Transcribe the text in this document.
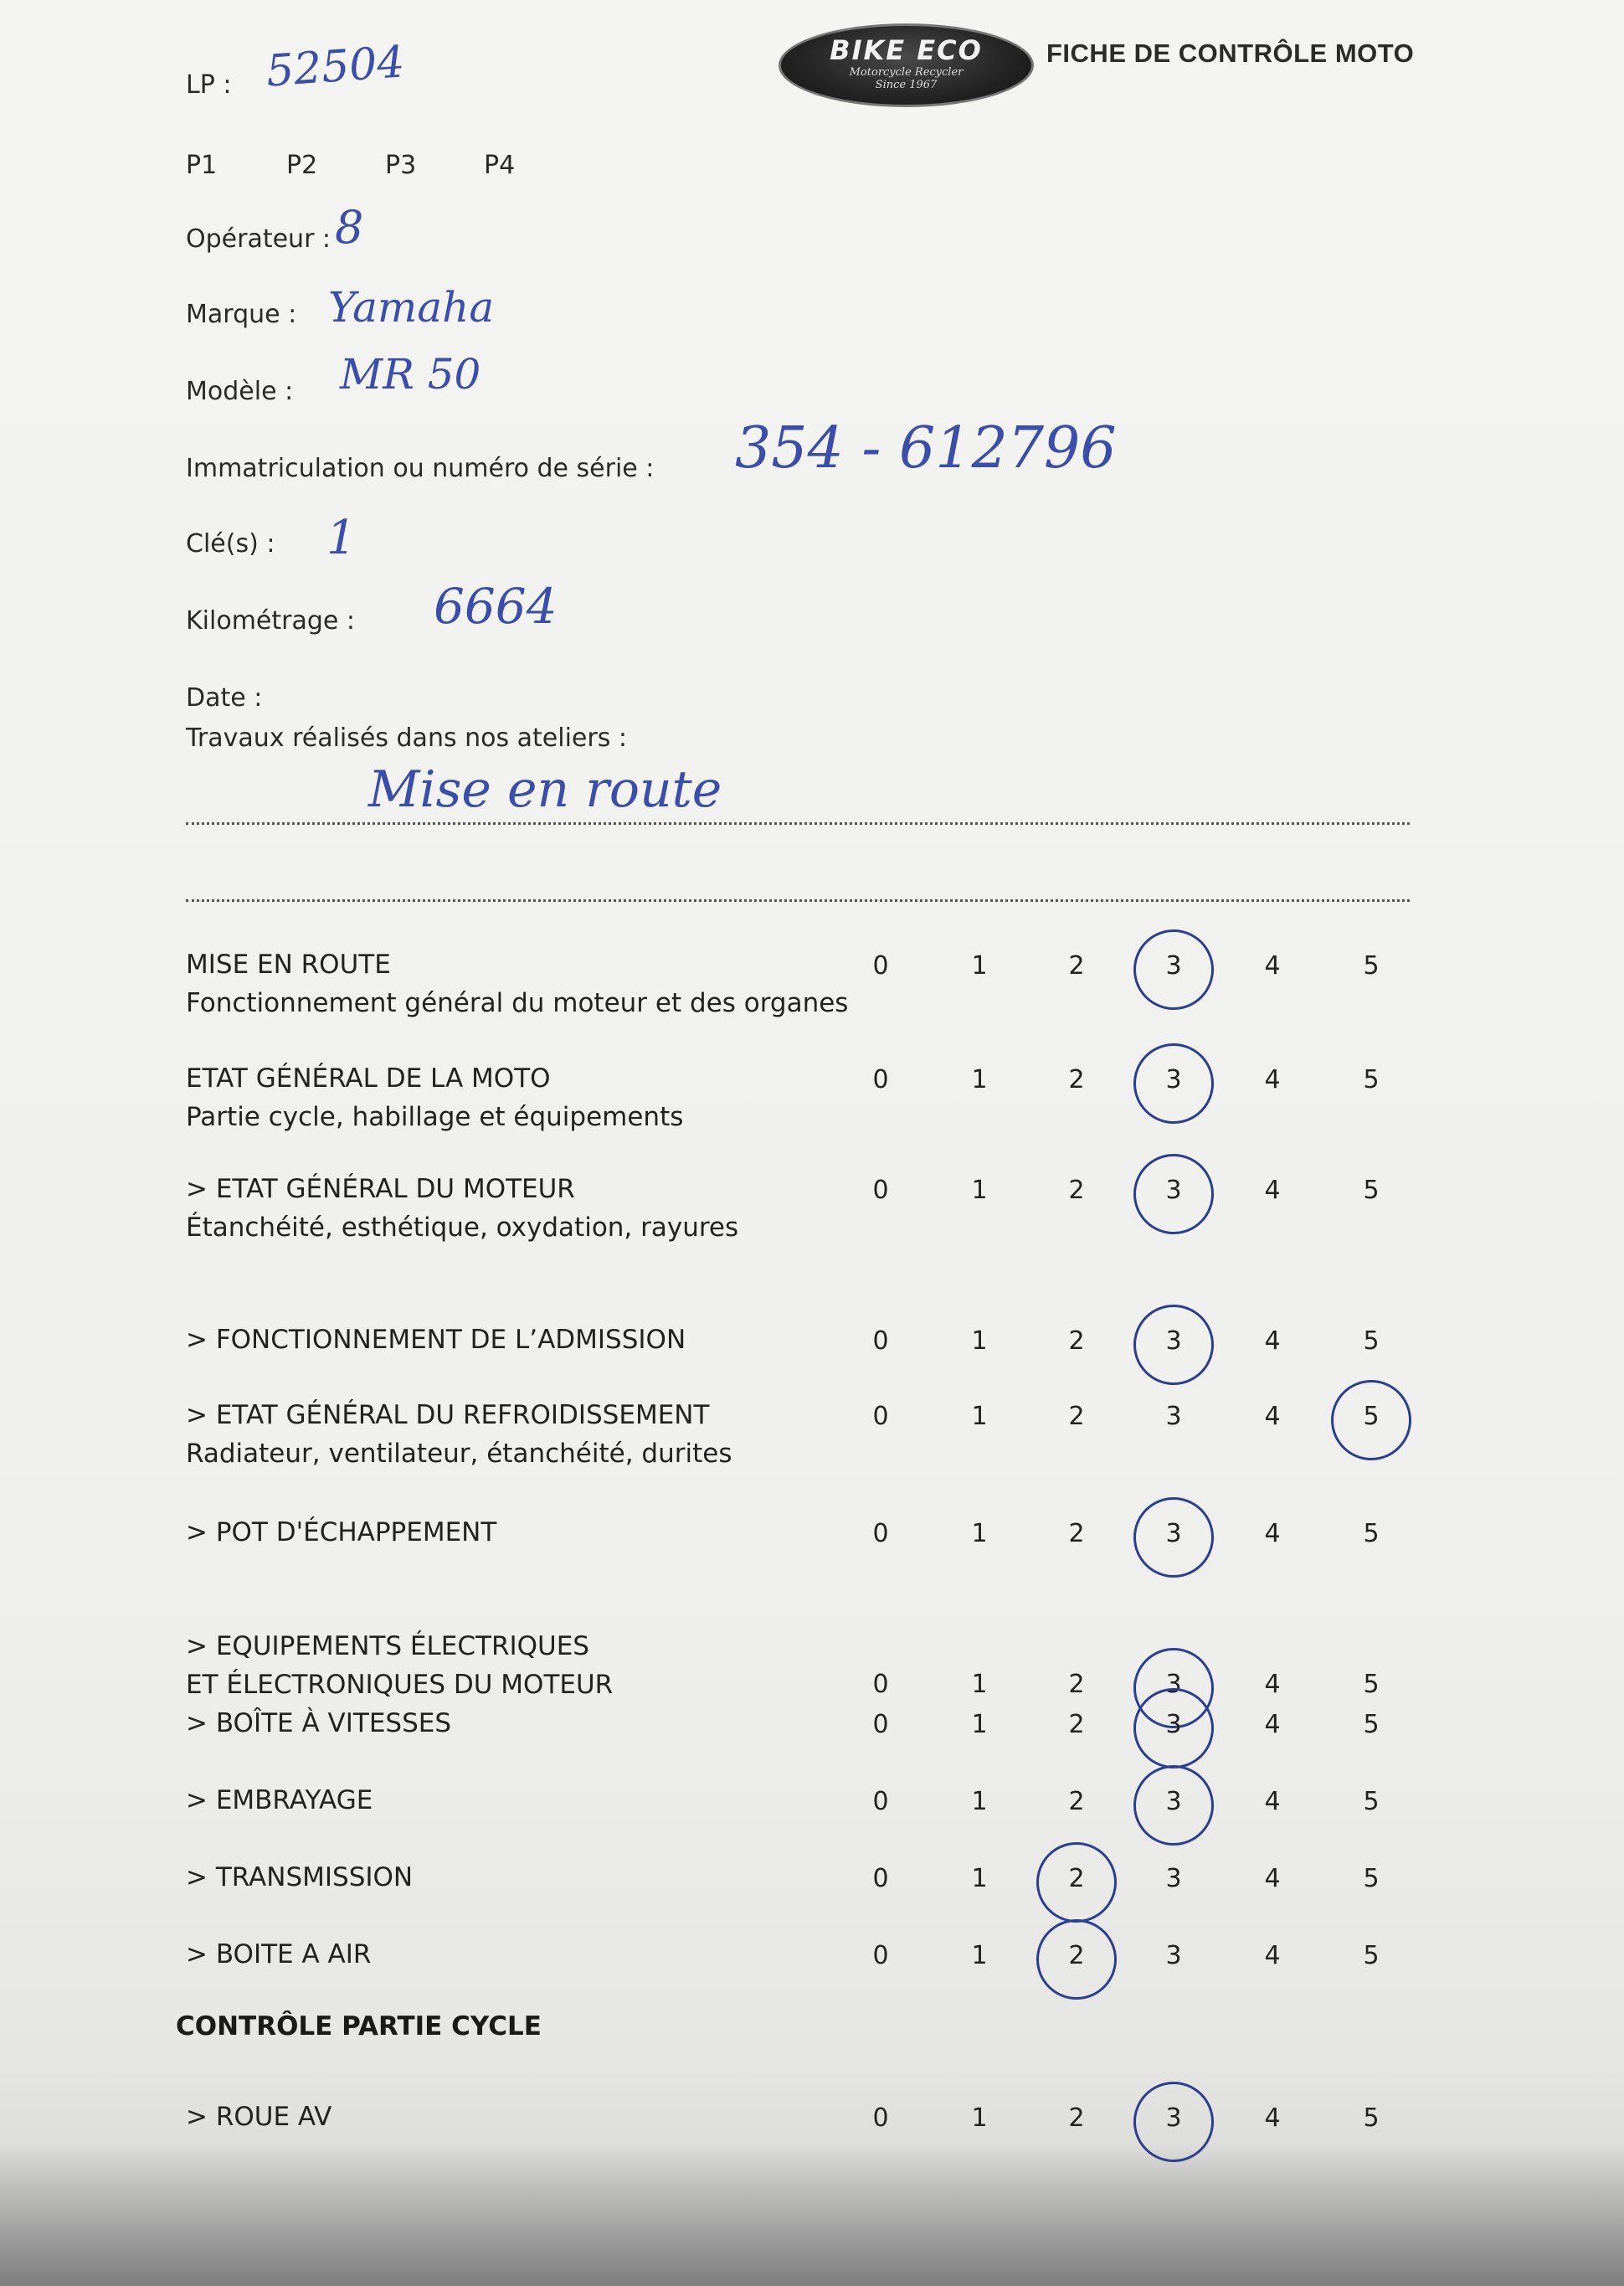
BIKE ECO
Motorcycle Recycler
Since 1967
FICHE DE CONTRÔLE MOTO
LP : 52504
P1	P2	P3	P4
Opérateur : 8
Marque : Yamaha
Modèle : MR 50
Immatriculation ou numéro de série : 354 - 612796
Clé(s) : 1
Kilométrage : 6664
Date :
Travaux réalisés dans nos ateliers :
Mise en route
MISE EN ROUTE
Fonctionnement général du moteur et des organes
0	1	2	3	4	5
ETAT GÉNÉRAL DE LA MOTO
Partie cycle, habillage et équipements
0	1	2	3	4	5
> ETAT GÉNÉRAL DU MOTEUR
Étanchéité, esthétique, oxydation, rayures
0	1	2	3	4	5
> FONCTIONNEMENT DE L’ADMISSION	0	1	2	3	4	5
> ETAT GÉNÉRAL DU REFROIDISSEMENT
Radiateur, ventilateur, étanchéité, durites
0	1	2	3	4	5
> POT D'ÉCHAPPEMENT	0	1	2	3	4	5
> EQUIPEMENTS ÉLECTRIQUES
ET ÉLECTRONIQUES DU MOTEUR	0	1	2	3	4	5
> BOÎTE À VITESSES	0	1	2	3	4	5
> EMBRAYAGE	0	1	2	3	4	5
> TRANSMISSION	0	1	2	3	4	5
> BOITE A AIR	0	1	2	3	4	5
> ROUE AV	0	1	2	3	4	5
CONTRÔLE PARTIE CYCLE
